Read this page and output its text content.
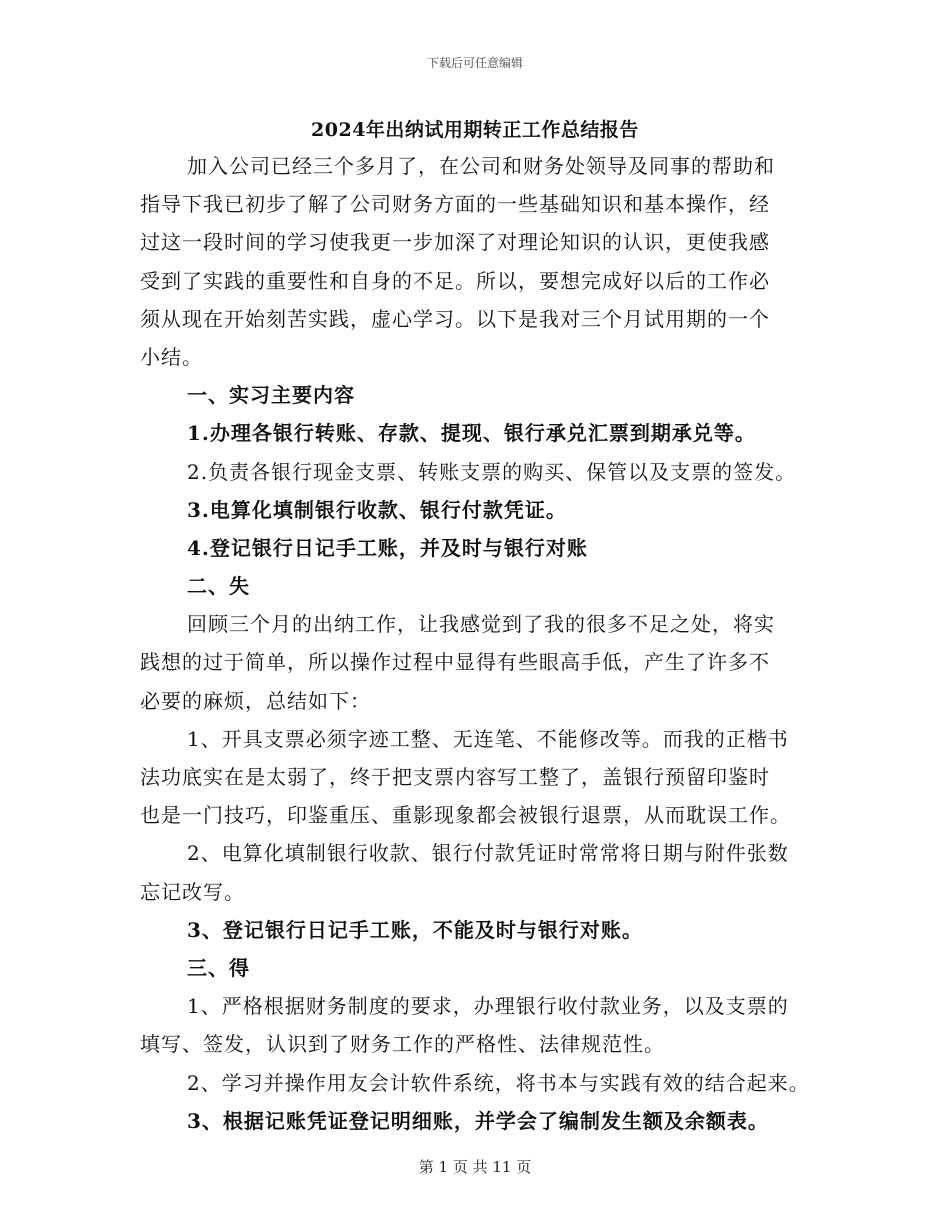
下载后可任意编辑
2024年出纳试用期转正工作总结报告
加入公司已经三个多月了，在公司和财务处领导及同事的帮助和
指导下我已初步了解了公司财务方面的一些基础知识和基本操作，经
过这一段时间的学习使我更一步加深了对理论知识的认识，更使我感
受到了实践的重要性和自身的不足。所以，要想完成好以后的工作必
须从现在开始刻苦实践，虚心学习。以下是我对三个月试用期的一个
小结。
一、实习主要内容
1.办理各银行转账、存款、提现、银行承兑汇票到期承兑等。
2.负责各银行现金支票、转账支票的购买、保管以及支票的签发。
3.电算化填制银行收款、银行付款凭证。
4.登记银行日记手工账，并及时与银行对账
二、失
回顾三个月的出纳工作，让我感觉到了我的很多不足之处，将实
践想的过于简单，所以操作过程中显得有些眼高手低，产生了许多不
必要的麻烦，总结如下：
1、开具支票必须字迹工整、无连笔、不能修改等。而我的正楷书
法功底实在是太弱了，终于把支票内容写工整了，盖银行预留印鉴时
也是一门技巧，印鉴重压、重影现象都会被银行退票，从而耽误工作。
2、电算化填制银行收款、银行付款凭证时常常将日期与附件张数
忘记改写。
3、登记银行日记手工账，不能及时与银行对账。
三、得
1、严格根据财务制度的要求，办理银行收付款业务，以及支票的
填写、签发，认识到了财务工作的严格性、法律规范性。
2、学习并操作用友会计软件系统，将书本与实践有效的结合起来。
3、根据记账凭证登记明细账，并学会了编制发生额及余额表。
第 1 页 共 11 页
